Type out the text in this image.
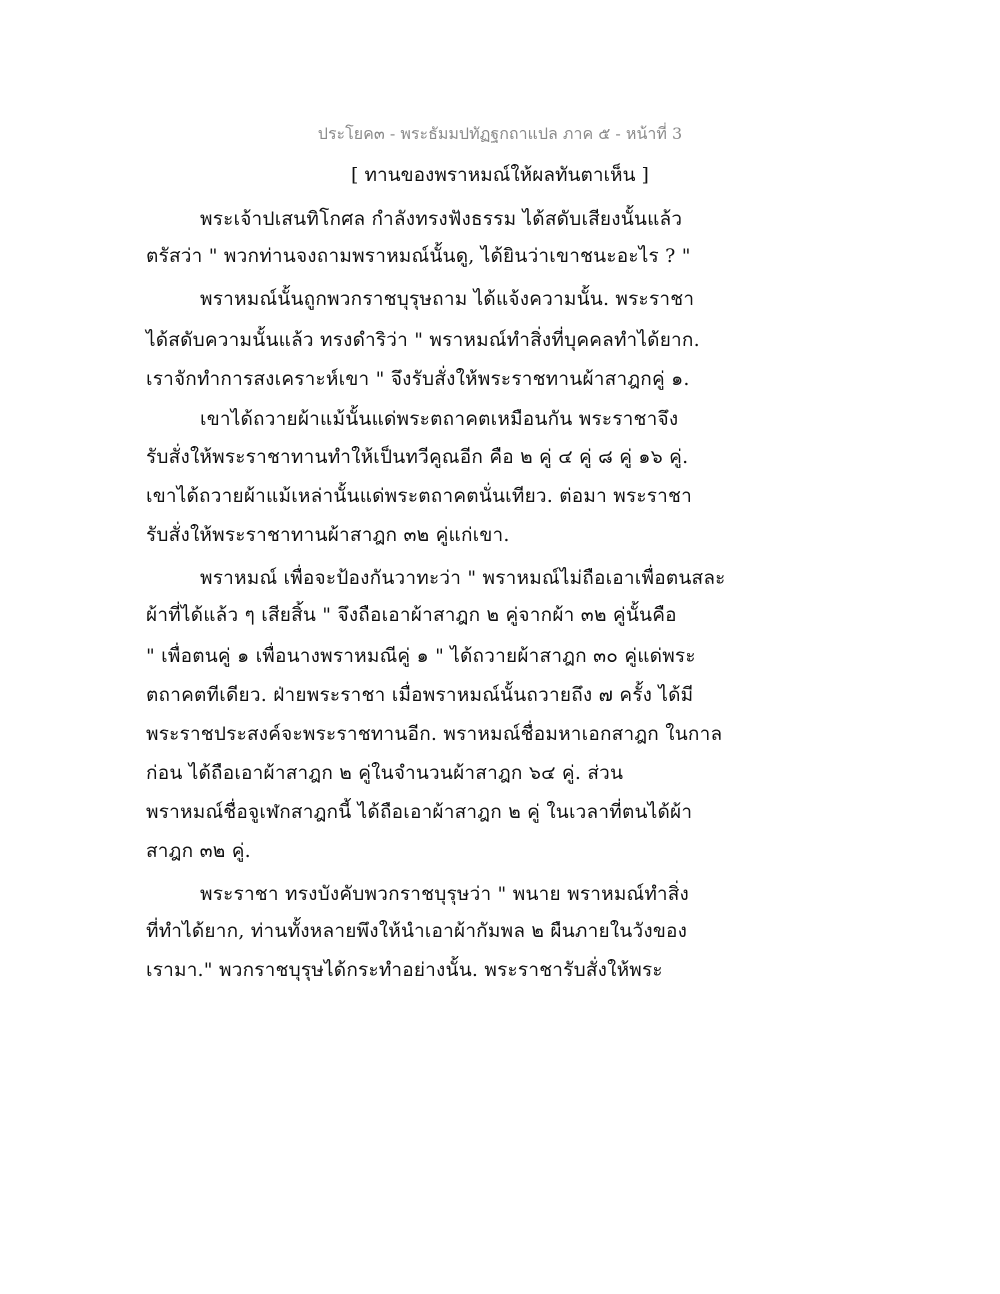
ประโยค๓ - พระธัมมปทัฏฐกถาแปล ภาค ๕ - หน้าที่ 3
[ ทานของพราหมณ์ให้ผลทันตาเห็น ]
พระเจ้าปเสนทิโกศล กำลังทรงฟังธรรม ได้สดับเสียงนั้นแล้ว
ตรัสว่า " พวกท่านจงถามพราหมณ์นั้นดู, ได้ยินว่าเขาชนะอะไร ? "
พราหมณ์นั้นถูกพวกราชบุรุษถาม ได้แจ้งความนั้น. พระราชา
ได้สดับความนั้นแล้ว ทรงดำริว่า " พราหมณ์ทำสิ่งที่บุคคลทำได้ยาก.
เราจักทำการสงเคราะห์เขา " จึงรับสั่งให้พระราชทานผ้าสาฎกคู่ ๑.
เขาได้ถวายผ้าแม้นั้นแด่พระตถาคตเหมือนกัน พระราชาจึง
รับสั่งให้พระราชาทานทำให้เป็นทวีคูณอีก คือ ๒ คู่ ๔ คู่ ๘ คู่ ๑๖ คู่.
เขาได้ถวายผ้าแม้เหล่านั้นแด่พระตถาคตนั่นเทียว. ต่อมา พระราชา
รับสั่งให้พระราชาทานผ้าสาฎก ๓๒ คู่แก่เขา.
พราหมณ์ เพื่อจะป้องกันวาทะว่า " พราหมณ์ไม่ถือเอาเพื่อตนสละ
ผ้าที่ได้แล้ว ๆ เสียสิ้น " จึงถือเอาผ้าสาฎก ๒ คู่จากผ้า ๓๒ คู่นั้นคือ
" เพื่อตนคู่ ๑ เพื่อนางพราหมณีคู่ ๑ " ได้ถวายผ้าสาฎก ๓๐ คู่แด่พระ
ตถาคตทีเดียว. ฝ่ายพระราชา เมื่อพราหมณ์นั้นถวายถึง ๗ ครั้ง ได้มี
พระราชประสงค์จะพระราชทานอีก. พราหมณ์ชื่อมหาเอกสาฎก ในกาล
ก่อน ได้ถือเอาผ้าสาฎก ๒ คู่ในจำนวนผ้าสาฎก ๖๔ คู่. ส่วน
พราหมณ์ชื่อจูเฬกสาฎกนี้ ได้ถือเอาผ้าสาฎก ๒ คู่ ในเวลาที่ตนได้ผ้า
สาฎก ๓๒ คู่.
พระราชา ทรงบังคับพวกราชบุรุษว่า " พนาย พราหมณ์ทำสิ่ง
ที่ทำได้ยาก, ท่านทั้งหลายพึงให้นำเอาผ้ากัมพล ๒ ผืนภายในวังของ
เรามา." พวกราชบุรุษได้กระทำอย่างนั้น. พระราชารับสั่งให้พระ
